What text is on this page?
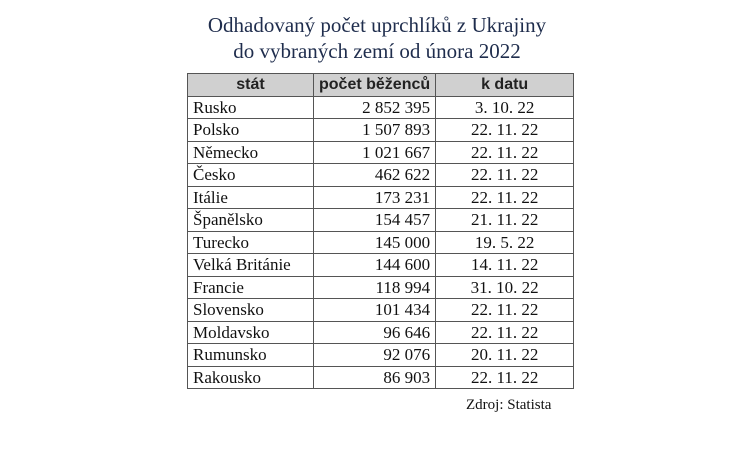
Odhadovaný počet uprchlíků z Ukrajiny
do vybraných zemí od února 2022
stát	počet běženců	k datu
Rusko	2 852 395	3. 10. 22
Polsko	1 507 893	22. 11. 22
Německo	1 021 667	22. 11. 22
Česko	462 622	22. 11. 22
Itálie	173 231	22. 11. 22
Španělsko	154 457	21. 11. 22
Turecko	145 000	19. 5. 22
Velká Británie	144 600	14. 11. 22
Francie	118 994	31. 10. 22
Slovensko	101 434	22. 11. 22
Moldavsko	96 646	22. 11. 22
Rumunsko	92 076	20. 11. 22
Rakousko	86 903	22. 11. 22
Zdroj: Statista
